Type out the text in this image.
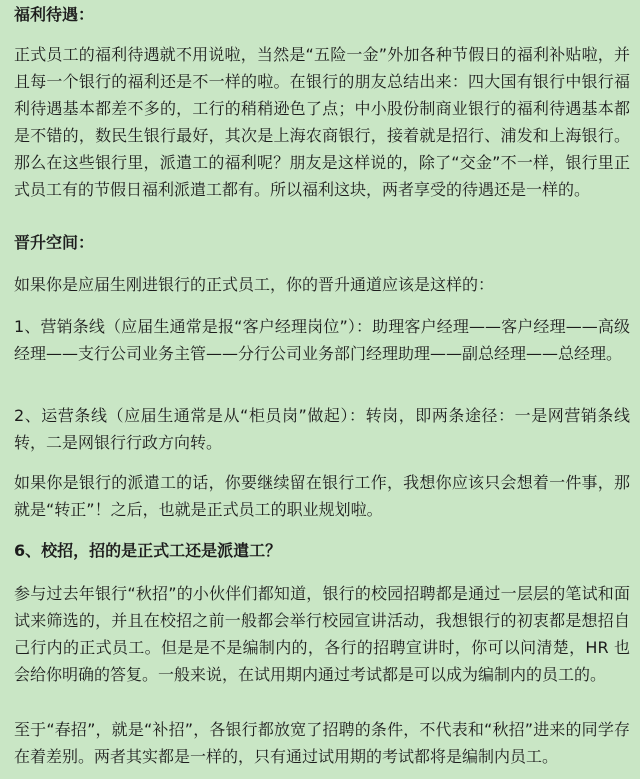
福利待遇：

正式员工的福利待遇就不用说啦，当然是“五险一金”外加各种节假日的福利补贴啦，并且每一个银行的福利还是不一样的啦。在银行的朋友总结出来：四大国有银行中银行福利待遇基本都差不多的，工行的稍稍逊色了点；中小股份制商业银行的福利待遇基本都是不错的，数民生银行最好，其次是上海农商银行，接着就是招行、浦发和上海银行。那么在这些银行里，派遣工的福利呢？朋友是这样说的，除了“交金”不一样，银行里正式员工有的节假日福利派遣工都有。所以福利这块，两者享受的待遇还是一样的。

晋升空间：

如果你是应届生刚进银行的正式员工，你的晋升通道应该是这样的：

1、营销条线（应届生通常是报“客户经理岗位”）：助理客户经理——客户经理——高级经理——支行公司业务主管——分行公司业务部门经理助理——副总经理——总经理。

2、运营条线（应届生通常是从“柜员岗”做起）：转岗，即两条途径：一是网营销条线转，二是网银行行政方向转。

如果你是银行的派遣工的话，你要继续留在银行工作，我想你应该只会想着一件事，那就是“转正”！之后，也就是正式员工的职业规划啦。

6、校招，招的是正式工还是派遣工？

参与过去年银行“秋招”的小伙伴们都知道，银行的校园招聘都是通过一层层的笔试和面试来筛选的，并且在校招之前一般都会举行校园宣讲活动，我想银行的初衷都是想招自己行内的正式员工。但是是不是编制内的，各行的招聘宣讲时，你可以问清楚，HR 也会给你明确的答复。一般来说，在试用期内通过考试都是可以成为编制内的员工的。

至于“春招”，就是“补招”，各银行都放宽了招聘的条件，不代表和“秋招”进来的同学存在着差别。两者其实都是一样的，只有通过试用期的考试都将是编制内员工。
